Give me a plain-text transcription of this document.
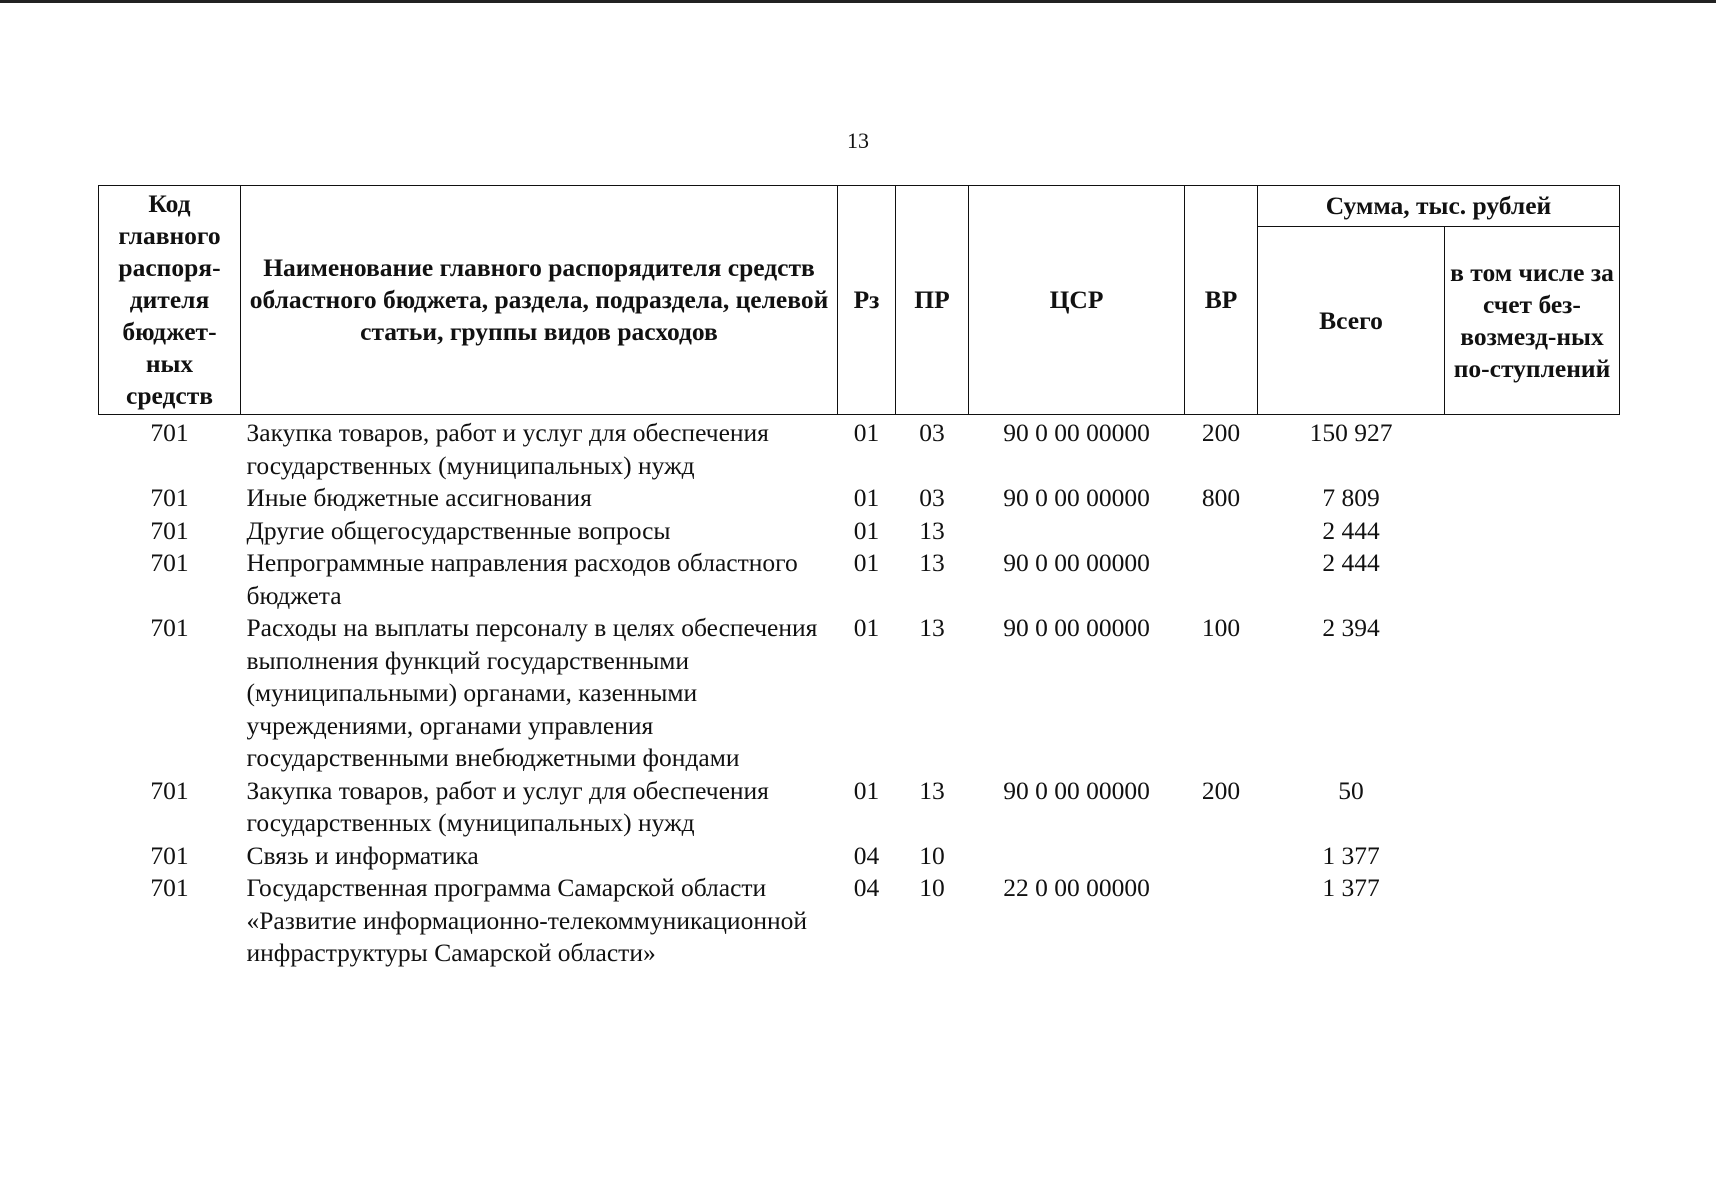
13
Код главного распоря-дителя бюджет-ных средств	Наименование главного распорядителя средств областного бюджета, раздела, подраздела, целевой статьи, группы видов расходов	Рз	ПР	ЦСР	ВР	Сумма, тыс. рублей	
						Всего	в том числе за счет без-возмезд-ных по-ступлений
701	Закупка товаров, работ и услуг для обеспечения государственных (муниципальных) нужд	01	03	90 0 00 00000	200	150 927	
701	Иные бюджетные ассигнования	01	03	90 0 00 00000	800	7 809	
701	Другие общегосударственные вопросы	01	13			2 444	
701	Непрограммные направления расходов областного бюджета	01	13	90 0 00 00000		2 444	
701	Расходы на выплаты персоналу в целях обеспечения выполнения функций государственными (муниципальными) органами, казенными учреждениями, органами управления государственными внебюджетными фондами	01	13	90 0 00 00000	100	2 394	
701	Закупка товаров, работ и услуг для обеспечения государственных (муниципальных) нужд	01	13	90 0 00 00000	200	50	
701	Связь и информатика	04	10			1 377	
701	Государственная программа Самарской области «Развитие информационно-телекоммуникационной инфраструктуры Самарской области»	04	10	22 0 00 00000		1 377	
